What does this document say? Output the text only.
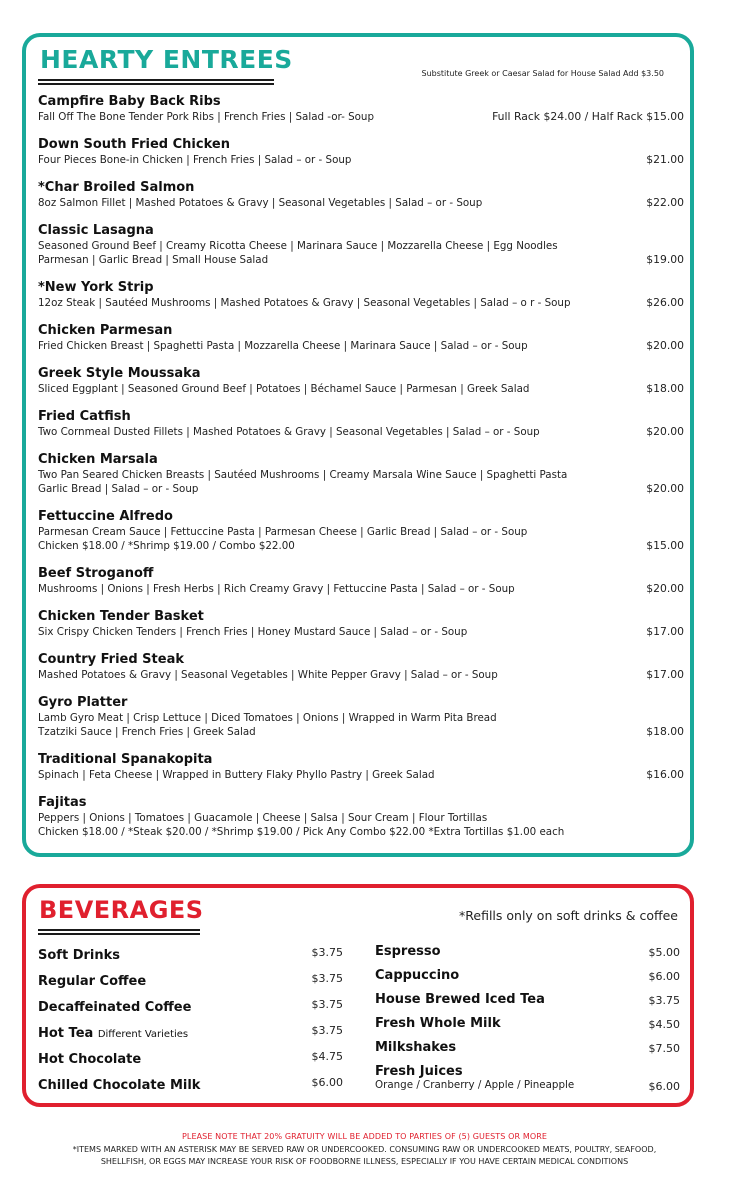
HEARTY ENTREES	Substitute Greek or Caesar Salad for House Salad Add $3.50
Campfire Baby Back Ribs
Fall Off The Bone Tender Pork Ribs | French Fries | Salad -or- Soup	Full Rack $24.00 / Half Rack $15.00
Down South Fried Chicken
Four Pieces Bone-in Chicken | French Fries | Salad – or - Soup	$21.00
*Char Broiled Salmon
8oz Salmon Fillet | Mashed Potatoes & Gravy | Seasonal Vegetables | Salad – or - Soup	$22.00
Classic Lasagna
Seasoned Ground Beef | Creamy Ricotta Cheese | Marinara Sauce | Mozzarella Cheese | Egg Noodles
Parmesan | Garlic Bread | Small House Salad	$19.00
*New York Strip
12oz Steak | Sautéed Mushrooms | Mashed Potatoes & Gravy | Seasonal Vegetables | Salad – o r - Soup	$26.00
Chicken Parmesan
Fried Chicken Breast | Spaghetti Pasta | Mozzarella Cheese | Marinara Sauce | Salad – or - Soup	$20.00
Greek Style Moussaka
Sliced Eggplant | Seasoned Ground Beef | Potatoes | Béchamel Sauce | Parmesan | Greek Salad	$18.00
Fried Catfish
Two Cornmeal Dusted Fillets | Mashed Potatoes & Gravy | Seasonal Vegetables | Salad – or - Soup	$20.00
Chicken Marsala
Two Pan Seared Chicken Breasts | Sautéed Mushrooms | Creamy Marsala Wine Sauce | Spaghetti Pasta
Garlic Bread | Salad – or - Soup	$20.00
Fettuccine Alfredo
Parmesan Cream Sauce | Fettuccine Pasta | Parmesan Cheese | Garlic Bread | Salad – or - Soup
Chicken $18.00 / *Shrimp $19.00 / Combo $22.00	$15.00
Beef Stroganoff
Mushrooms | Onions | Fresh Herbs | Rich Creamy Gravy | Fettuccine Pasta | Salad – or - Soup	$20.00
Chicken Tender Basket
Six Crispy Chicken Tenders | French Fries | Honey Mustard Sauce | Salad – or - Soup	$17.00
Country Fried Steak
Mashed Potatoes & Gravy | Seasonal Vegetables | White Pepper Gravy | Salad – or - Soup	$17.00
Gyro Platter
Lamb Gyro Meat | Crisp Lettuce | Diced Tomatoes | Onions | Wrapped in Warm Pita Bread
Tzatziki Sauce | French Fries | Greek Salad	$18.00
Traditional Spanakopita
Spinach | Feta Cheese | Wrapped in Buttery Flaky Phyllo Pastry | Greek Salad	$16.00
Fajitas
Peppers | Onions | Tomatoes | Guacamole | Cheese | Salsa | Sour Cream | Flour Tortillas
Chicken $18.00 / *Steak $20.00 / *Shrimp $19.00 / Pick Any Combo $22.00 *Extra Tortillas $1.00 each
BEVERAGES	*Refills only on soft drinks & coffee
Soft Drinks	$3.75
Regular Coffee	$3.75
Decaffeinated Coffee	$3.75
Hot Tea Different Varieties	$3.75
Hot Chocolate	$4.75
Chilled Chocolate Milk	$6.00
Espresso	$5.00
Cappuccino	$6.00
House Brewed Iced Tea	$3.75
Fresh Whole Milk	$4.50
Milkshakes	$7.50
Fresh Juices
Orange / Cranberry / Apple / Pineapple	$6.00
PLEASE NOTE THAT 20% GRATUITY WILL BE ADDED TO PARTIES OF (5) GUESTS OR MORE
*ITEMS MARKED WITH AN ASTERISK MAY BE SERVED RAW OR UNDERCOOKED. CONSUMING RAW OR UNDERCOOKED MEATS, POULTRY, SEAFOOD,
SHELLFISH, OR EGGS MAY INCREASE YOUR RISK OF FOODBORNE ILLNESS, ESPECIALLY IF YOU HAVE CERTAIN MEDICAL CONDITIONS
